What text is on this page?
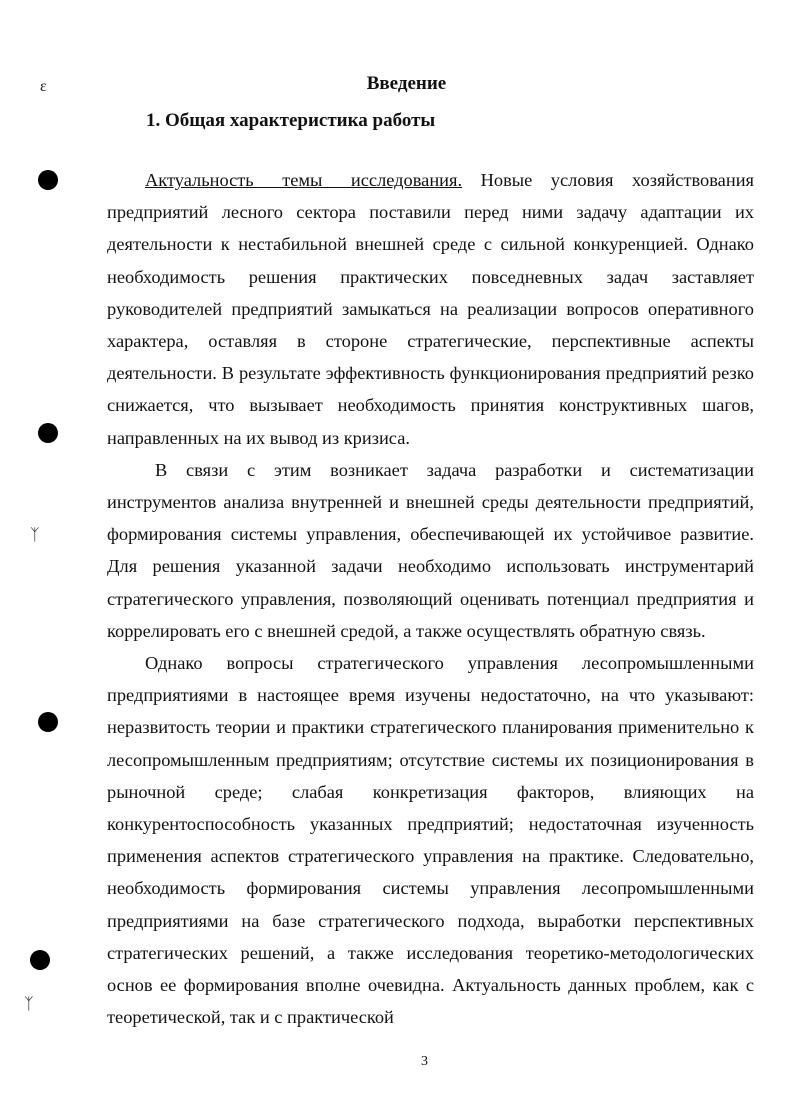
ɛ
ᛉ
ᛉ
Введение
1. Общая характеристика работы

Актуальность темы исследования. Новые условия хозяйствования предприятий лесного сектора поставили перед ними задачу адаптации их деятельности к нестабильной внешней среде с сильной конкуренцией. Однако необходимость решения практических повседневных задач заставляет руководителей предприятий замыкаться на реализации вопросов оперативного характера, оставляя в стороне стратегические, перспективные аспекты деятельности. В результате эффективность функционирования предприятий резко снижается, что вызывает необходимость принятия конструктивных шагов, направленных на их вывод из кризиса.

В связи с этим возникает задача разработки и систематизации инструментов анализа внутренней и внешней среды деятельности предприятий, формирования системы управления, обеспечивающей их устойчивое развитие. Для решения указанной задачи необходимо использовать инструментарий стратегического управления, позволяющий оценивать потенциал предприятия и коррелировать его с внешней средой, а также осуществлять обратную связь.

Однако вопросы стратегического управления лесопромышленными предприятиями в настоящее время изучены недостаточно, на что указывают: неразвитость теории и практики стратегического планирования применительно к лесопромышленным предприятиям; отсутствие системы их позиционирования в рыночной среде; слабая конкретизация факторов, влияющих на конкурентоспособность указанных предприятий; недостаточная изученность применения аспектов стратегического управления на практике. Следовательно, необходимость формирования системы управления лесопромышленными предприятиями на базе стратегического подхода, выработки перспективных стратегических решений, а также исследования теоретико-методологических основ ее формирования вполне очевидна. Актуальность данных проблем, как с теоретической, так и с практической

3
